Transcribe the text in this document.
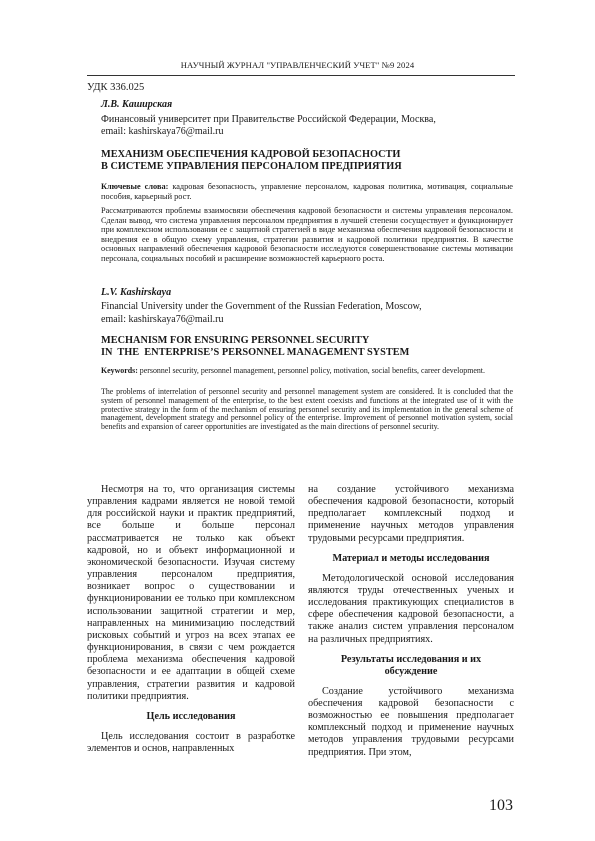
НАУЧНЫЙ ЖУРНАЛ "УПРАВЛЕНЧЕСКИЙ УЧЕТ" №9 2024
УДК 336.025
Л.В. Каширская
Финансовый университет при Правительстве Российской Федерации, Москва,
email: kashirskaya76@mail.ru
МЕХАНИЗМ ОБЕСПЕЧЕНИЯ КАДРОВОЙ БЕЗОПАСНОСТИ
В СИСТЕМЕ УПРАВЛЕНИЯ ПЕРСОНАЛОМ ПРЕДПРИЯТИЯ
Ключевые слова: кадровая безопасность, управление персоналом, кадровая политика, мотивация, социальные пособия, карьерный рост.
Рассматриваются проблемы взаимосвязи обеспечения кадровой безопасности и системы управления персоналом. Сделан вывод, что система управления персоналом предприятия в лучшей степени сосуществует и функционирует при комплексном использовании ее с защитной стратегией в виде механизма обеспечения кадровой безопасности и внедрения ее в общую схему управления, стратегии развития и кадровой политики предприятия. В качестве основных направлений обеспечения кадровой безопасности исследуются совершенствование системы мотивации персонала, социальных пособий и расширение возможностей карьерного роста.
L.V. Kashirskaya
Financial University under the Government of the Russian Federation, Moscow,
email: kashirskaya76@mail.ru
MECHANISM FOR ENSURING PERSONNEL SECURITY
IN  THE  ENTERPRISE’S PERSONNEL MANAGEMENT SYSTEM
Keywords: personnel security, personnel management, personnel policy, motivation, social benefits, career development.
The problems of interrelation of personnel security and personnel management system are considered. It is concluded that the system of personnel management of the enterprise, to the best extent coexists and functions at the integrated use of it with the protective strategy in the form of the mechanism of ensuring personnel security and its implementation in the general scheme of management, development strategy and personnel policy of the enterprise. Improvement of personnel motivation system, social benefits and expansion of career opportunities are investigated as the main directions of personnel security.

Несмотря на то, что организация системы управления кадрами является не новой темой для российской науки и практик предприятий, все больше и больше персонал рассматривается не только как объект кадровой, но и объект информационной и экономической безопасности. Изучая систему управления персоналом предприятия, возникает вопрос о существовании и функционировании ее только при комплексном использовании защитной стратегии и мер, направленных на минимизацию последствий рисковых событий и угроз на всех этапах ее функционирования, в связи с чем рождается проблема механизма обеспечения кадровой безопасности и ее адаптации в общей схеме управления, стратегии развития и кадровой политики предприятия.

Цель исследования

Цель исследования состоит в разработке элементов и основ, направленных

на создание устойчивого механизма обеспечения кадровой безопасности, который предполагает комплексный подход и применение научных методов управления трудовыми ресурсами предприятия.

Материал и методы исследования

Методологической основой исследования являются труды отечественных ученых и исследования практикующих специалистов в сфере обеспечения кадровой безопасности, а также анализ систем управления персоналом на различных предприятиях.

Результаты исследования и их обсуждение

Создание устойчивого механизма обеспечения кадровой безопасности с возможностью ее повышения предполагает комплексный подход и применение научных методов управления трудовыми ресурсами предприятия. При этом,

103
